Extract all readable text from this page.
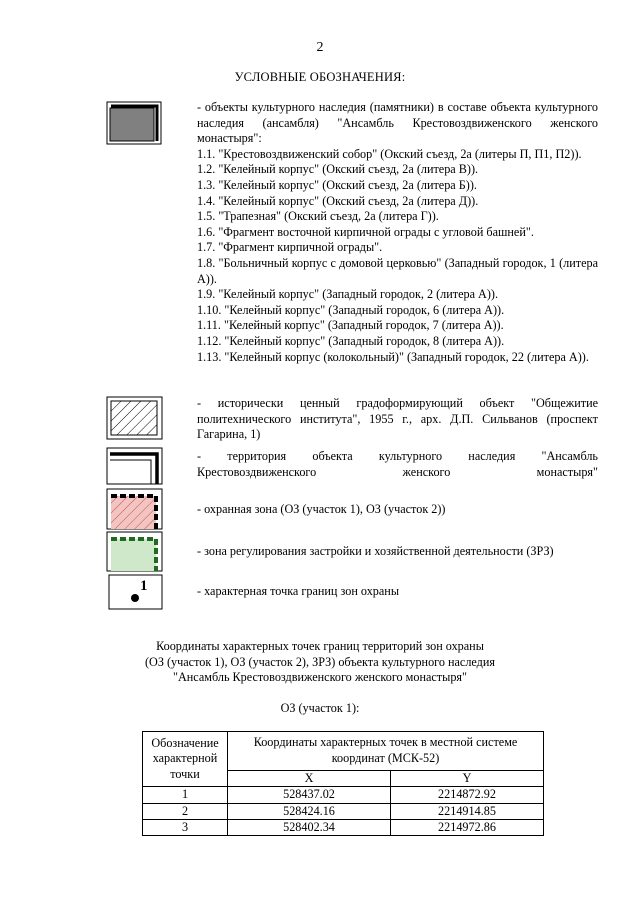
2
УСЛОВНЫЕ ОБОЗНАЧЕНИЯ:
- объекты культурного наследия (памятники) в составе объекта культурного наследия (ансамбля) "Ансамбль Крестовоздвиженского женского монастыря":
1.1. "Крестовоздвиженский собор" (Окский съезд, 2а (литеры П, П1, П2)).
1.2. "Келейный корпус" (Окский съезд, 2а (литера В)).
1.3. "Келейный корпус" (Окский съезд, 2а (литера Б)).
1.4. "Келейный корпус" (Окский съезд, 2а (литера Д)).
1.5. "Трапезная" (Окский съезд, 2а (литера Г)).
1.6. "Фрагмент восточной кирпичной ограды с угловой башней".
1.7. "Фрагмент кирпичной ограды".
1.8. "Больничный корпус с домовой церковью" (Западный городок, 1 (литера А)).
1.9. "Келейный корпус" (Западный городок, 2 (литера А)).
1.10. "Келейный корпус" (Западный городок, 6 (литера А)).
1.11. "Келейный корпус" (Западный городок, 7 (литера А)).
1.12. "Келейный корпус" (Западный городок, 8 (литера А)).
1.13. "Келейный корпус (колокольный)" (Западный городок, 22 (литера А)).
- исторически ценный градоформирующий объект "Общежитие политехнического института", 1955 г., арх. Д.П. Сильванов (проспект Гагарина, 1)
- территория объекта культурного наследия "Ансамбль Крестовоздвиженского женского монастыря"
- охранная зона (ОЗ (участок 1), ОЗ (участок 2))
- зона регулирования застройки и хозяйственной деятельности (ЗРЗ)
1	- характерная точка границ зон охраны
Координаты характерных точек границ территорий зон охраны
(ОЗ (участок 1), ОЗ (участок 2), ЗРЗ) объекта культурного наследия
"Ансамбль Крестовоздвиженского женского монастыря"
ОЗ (участок 1):
Обозначение характерной точки	Координаты характерных точек в местной системе координат (МСК-52)	
	X	Y
1	528437.02	2214872.92
2	528424.16	2214914.85
3	528402.34	2214972.86
